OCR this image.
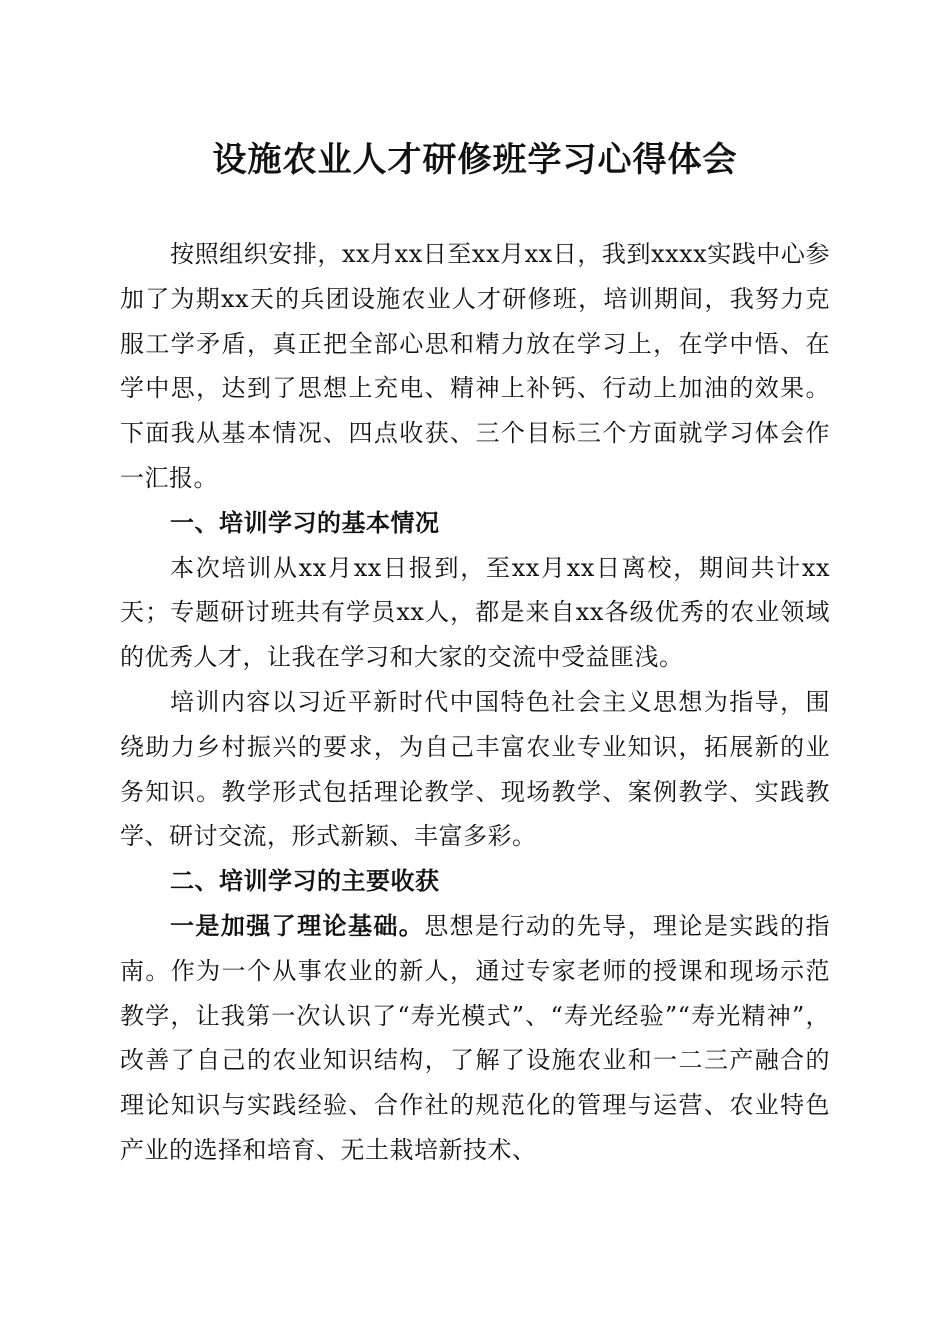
设施农业人才研修班学习心得体会

按照组织安排，xx月xx日至xx月xx日，我到xxxx实践中心参加了为期xx天的兵团设施农业人才研修班，培训期间，我努力克服工学矛盾，真正把全部心思和精力放在学习上，在学中悟、在学中思，达到了思想上充电、精神上补钙、行动上加油的效果。下面我从基本情况、四点收获、三个目标三个方面就学习体会作一汇报。

一、培训学习的基本情况

本次培训从xx月xx日报到，至xx月xx日离校，期间共计xx天；专题研讨班共有学员xx人，都是来自xx各级优秀的农业领域的优秀人才，让我在学习和大家的交流中受益匪浅。

培训内容以习近平新时代中国特色社会主义思想为指导，围绕助力乡村振兴的要求，为自己丰富农业专业知识，拓展新的业务知识。教学形式包括理论教学、现场教学、案例教学、实践教学、研讨交流，形式新颖、丰富多彩。

二、培训学习的主要收获

一是加强了理论基础。思想是行动的先导，理论是实践的指南。作为一个从事农业的新人，通过专家老师的授课和现场示范教学，让我第一次认识了“寿光模式”、“寿光经验”“寿光精神”，改善了自己的农业知识结构，了解了设施农业和一二三产融合的理论知识与实践经验、合作社的规范化的管理与运营、农业特色产业的选择和培育、无土栽培新技术、
